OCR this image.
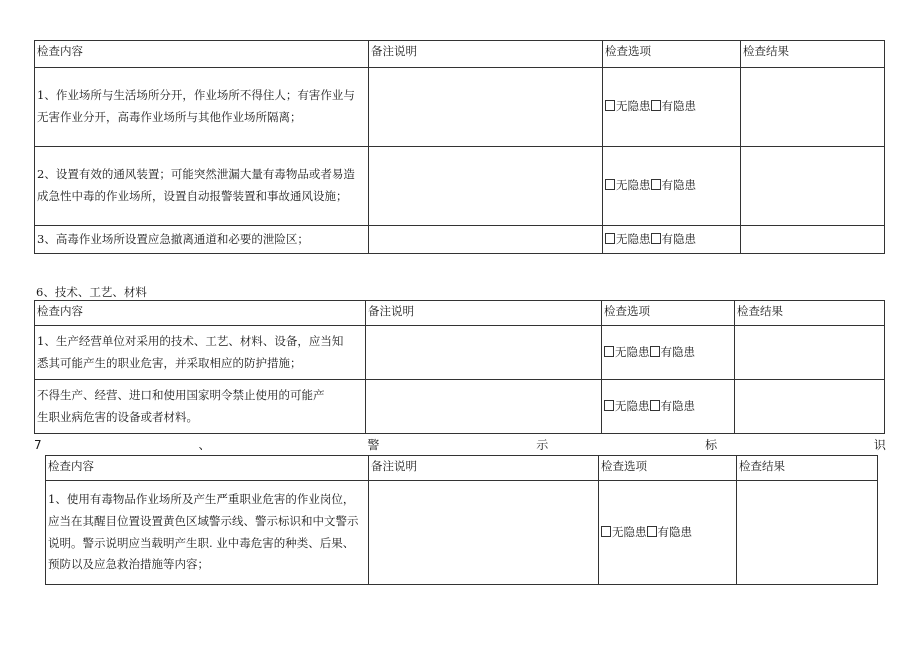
检查内容	备注说明	检查选项	检查结果

1、作业场所与生活场所分开，作业场所不得住人；有害作业与
无害作业分开，高毒作业场所与其他作业场所隔离；		无隐患 有隐患	

2、设置有效的通风装置；可能突然泄漏大量有毒物品或者易造
成急性中毒的作业场所，设置自动报警装置和事故通风设施；		无隐患 有隐患	

3、高毒作业场所设置应急撤离通道和必要的泄险区；		无隐患 有隐患	
6、技术、工艺、材料
检查内容	备注说明	检查选项	检查结果

1、生产经营单位对采用的技术、工艺、材料、设备，应当知
悉其可能产生的职业危害，并采取相应的防护措施；		无隐患 有隐患	

不得生产、经营、进口和使用国家明令禁止使用的可能产
生职业病危害的设备或者材料。		无隐患 有隐患	
7	、	警	示	标	识
检查内容	备注说明	检查选项	检查结果

1、使用有毒物品作业场所及产生严重职业危害的作业岗位，
应当在其醒目位置设置黄色区域警示线、警示标识和中文警示
说明。警示说明应当载明产生职. 业中毒危害的种类、后果、
预防以及应急救治措施等内容；		无隐患 有隐患	
